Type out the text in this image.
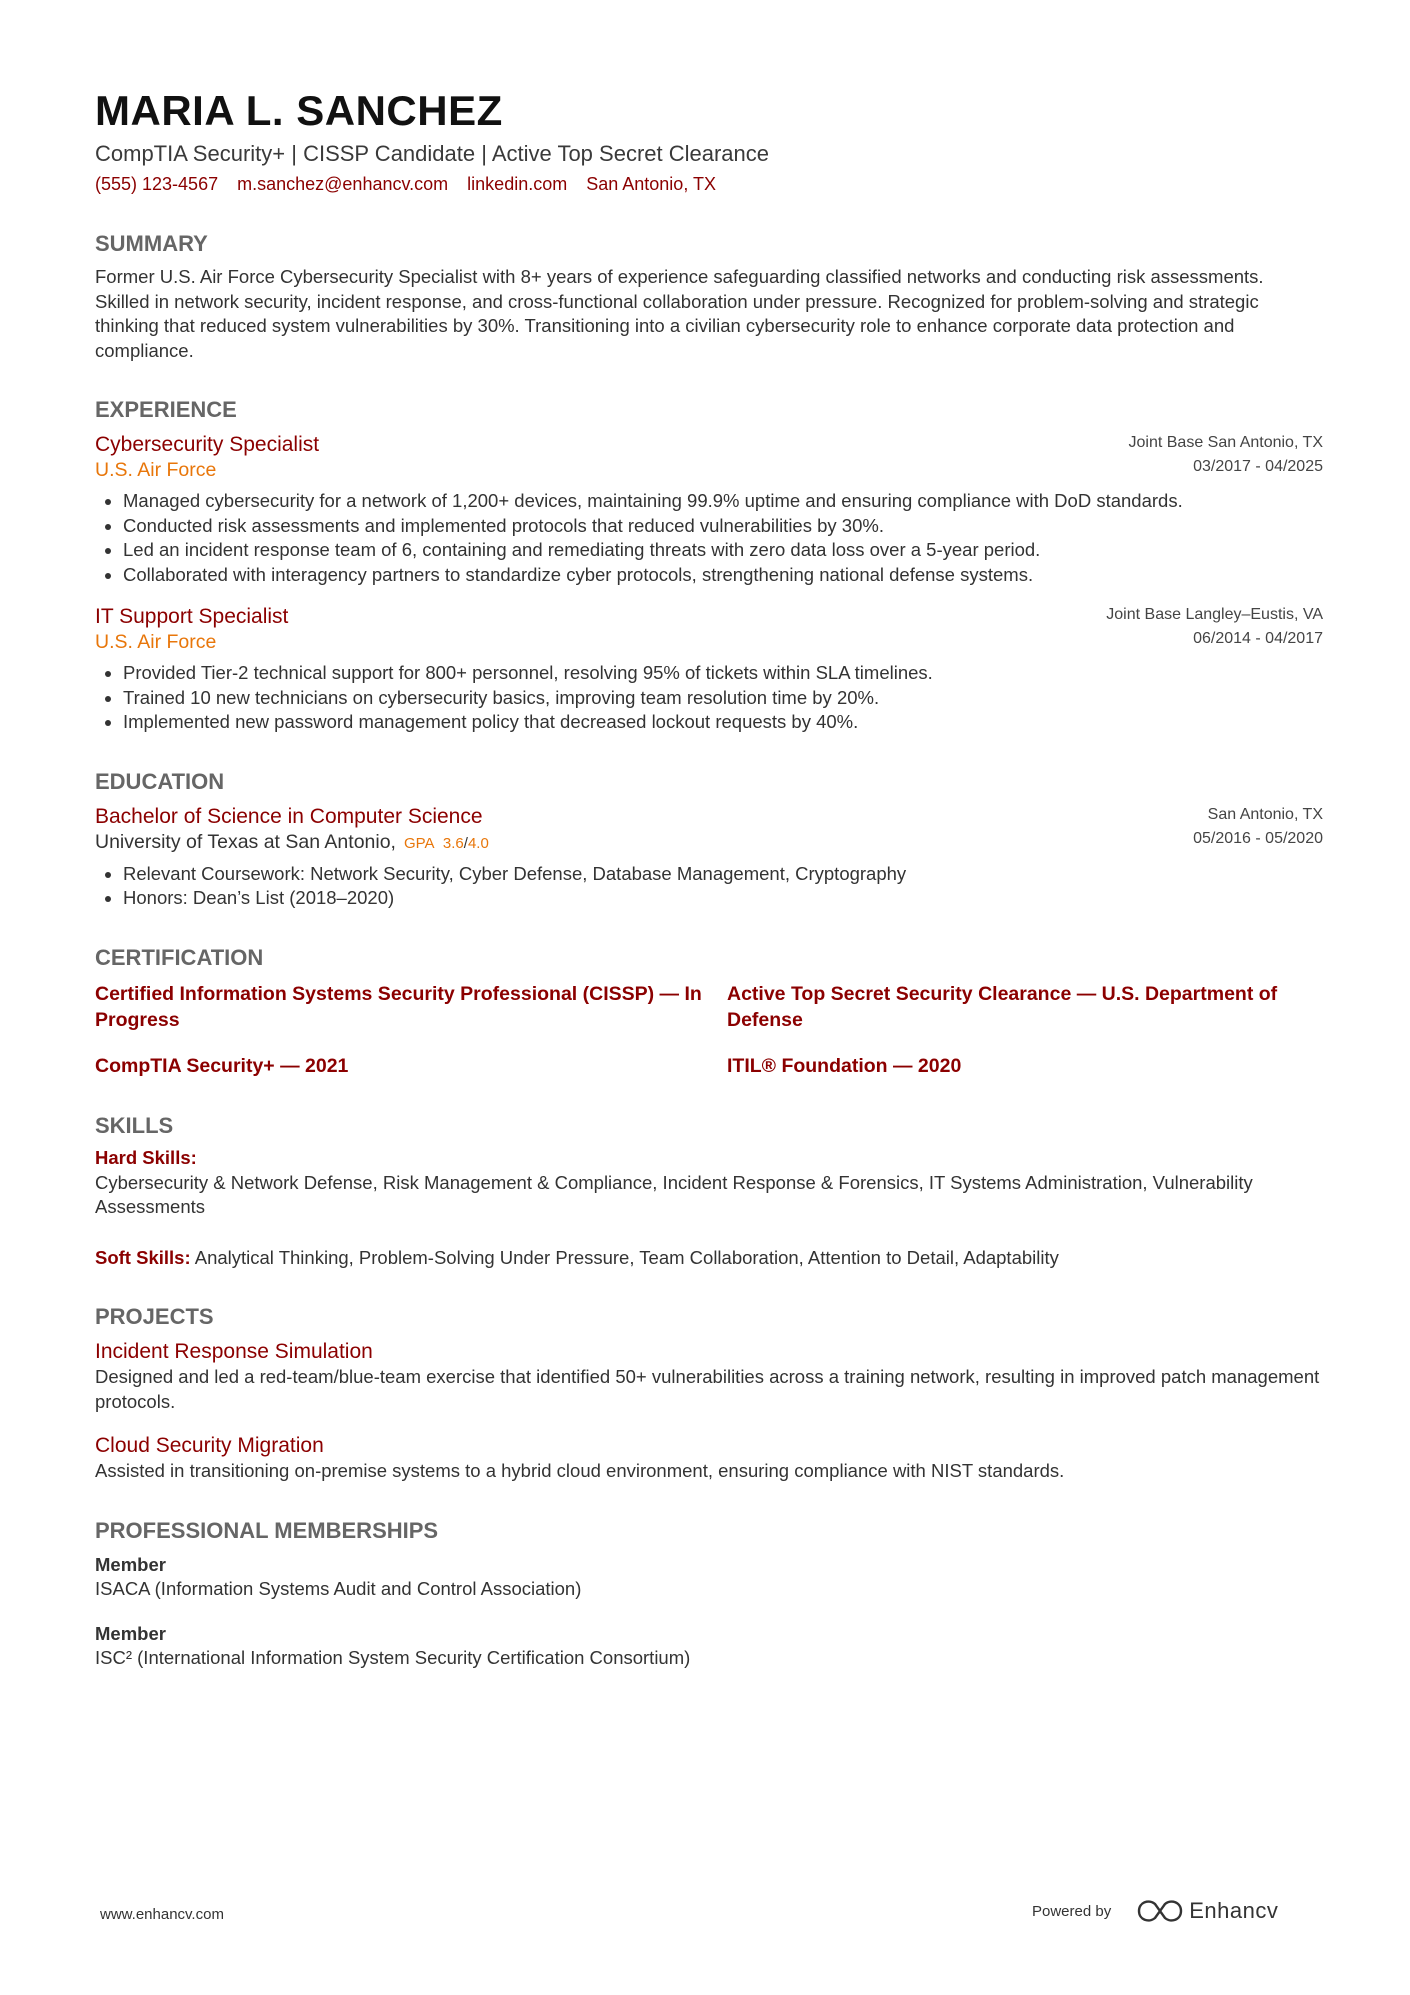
MARIA L. SANCHEZ
CompTIA Security+ | CISSP Candidate | Active Top Secret Clearance
(555) 123-4567 m.sanchez@enhancv.com linkedin.com San Antonio, TX
SUMMARY
Former U.S. Air Force Cybersecurity Specialist with 8+ years of experience safeguarding classified networks and conducting risk assessments. Skilled in network security, incident response, and cross-functional collaboration under pressure. Recognized for problem-solving and strategic thinking that reduced system vulnerabilities by 30%. Transitioning into a civilian cybersecurity role to enhance corporate data protection and compliance.
EXPERIENCE
Cybersecurity Specialist
U.S. Air Force
Joint Base San Antonio, TX
03/2017 - 04/2025
• Managed cybersecurity for a network of 1,200+ devices, maintaining 99.9% uptime and ensuring compliance with DoD standards.
• Conducted risk assessments and implemented protocols that reduced vulnerabilities by 30%.
• Led an incident response team of 6, containing and remediating threats with zero data loss over a 5-year period.
• Collaborated with interagency partners to standardize cyber protocols, strengthening national defense systems.
IT Support Specialist
U.S. Air Force
Joint Base Langley–Eustis, VA
06/2014 - 04/2017
• Provided Tier-2 technical support for 800+ personnel, resolving 95% of tickets within SLA timelines.
• Trained 10 new technicians on cybersecurity basics, improving team resolution time by 20%.
• Implemented new password management policy that decreased lockout requests by 40%.
EDUCATION
Bachelor of Science in Computer Science
University of Texas at San Antonio, GPA 3.6/4.0
San Antonio, TX
05/2016 - 05/2020
• Relevant Coursework: Network Security, Cyber Defense, Database Management, Cryptography
• Honors: Dean’s List (2018–2020)
CERTIFICATION
Certified Information Systems Security Professional (CISSP) — In Progress
Active Top Secret Security Clearance — U.S. Department of Defense
CompTIA Security+ — 2021	ITIL® Foundation — 2020
SKILLS
Hard Skills:
Cybersecurity & Network Defense, Risk Management & Compliance, Incident Response & Forensics, IT Systems Administration, Vulnerability Assessments
Soft Skills: Analytical Thinking, Problem-Solving Under Pressure, Team Collaboration, Attention to Detail, Adaptability
PROJECTS
Incident Response Simulation
Designed and led a red-team/blue-team exercise that identified 50+ vulnerabilities across a training network, resulting in improved patch management protocols.
Cloud Security Migration
Assisted in transitioning on-premise systems to a hybrid cloud environment, ensuring compliance with NIST standards.
PROFESSIONAL MEMBERSHIPS
Member
ISACA (Information Systems Audit and Control Association)
Member
ISC² (International Information System Security Certification Consortium)
www.enhancv.com	Powered by	Enhancv
